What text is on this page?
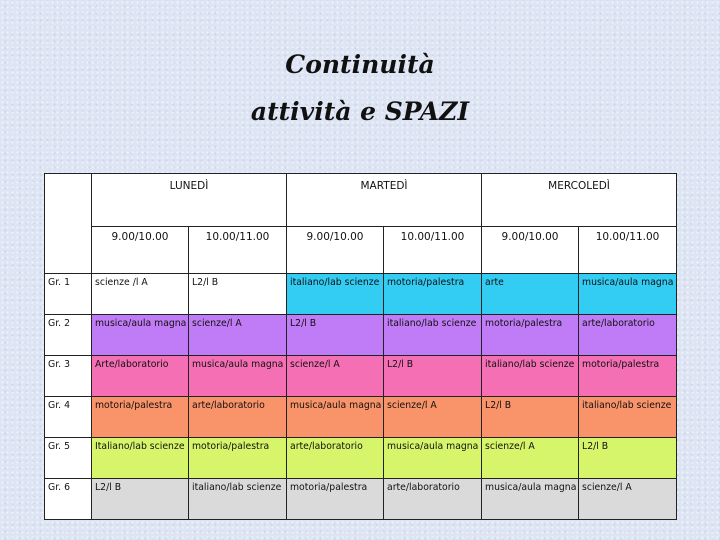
Continuità
attività e SPAZI
	LUNEDÌ		MARTEDÌ		MERCOLEDÌ	
	9.00/10.00	10.00/11.00	9.00/10.00	10.00/11.00	9.00/10.00	10.00/11.00
Gr. 1	scienze /l A	L2/l B	italiano/lab scienze	motoria/palestra	arte	musica/aula magna
Gr. 2	musica/aula magna	scienze/l A	L2/l B	italiano/lab scienze	motoria/palestra	arte/laboratorio
Gr. 3	Arte/laboratorio	musica/aula magna	scienze/l A	L2/l B	italiano/lab scienze	motoria/palestra
Gr. 4	motoria/palestra	arte/laboratorio	musica/aula magna	scienze/l A	L2/l B	italiano/lab scienze
Gr. 5	Italiano/lab scienze	motoria/palestra	arte/laboratorio	musica/aula magna	scienze/l A	L2/l B
Gr. 6	L2/l B	italiano/lab scienze	motoria/palestra	arte/laboratorio	musica/aula magna	scienze/l A
